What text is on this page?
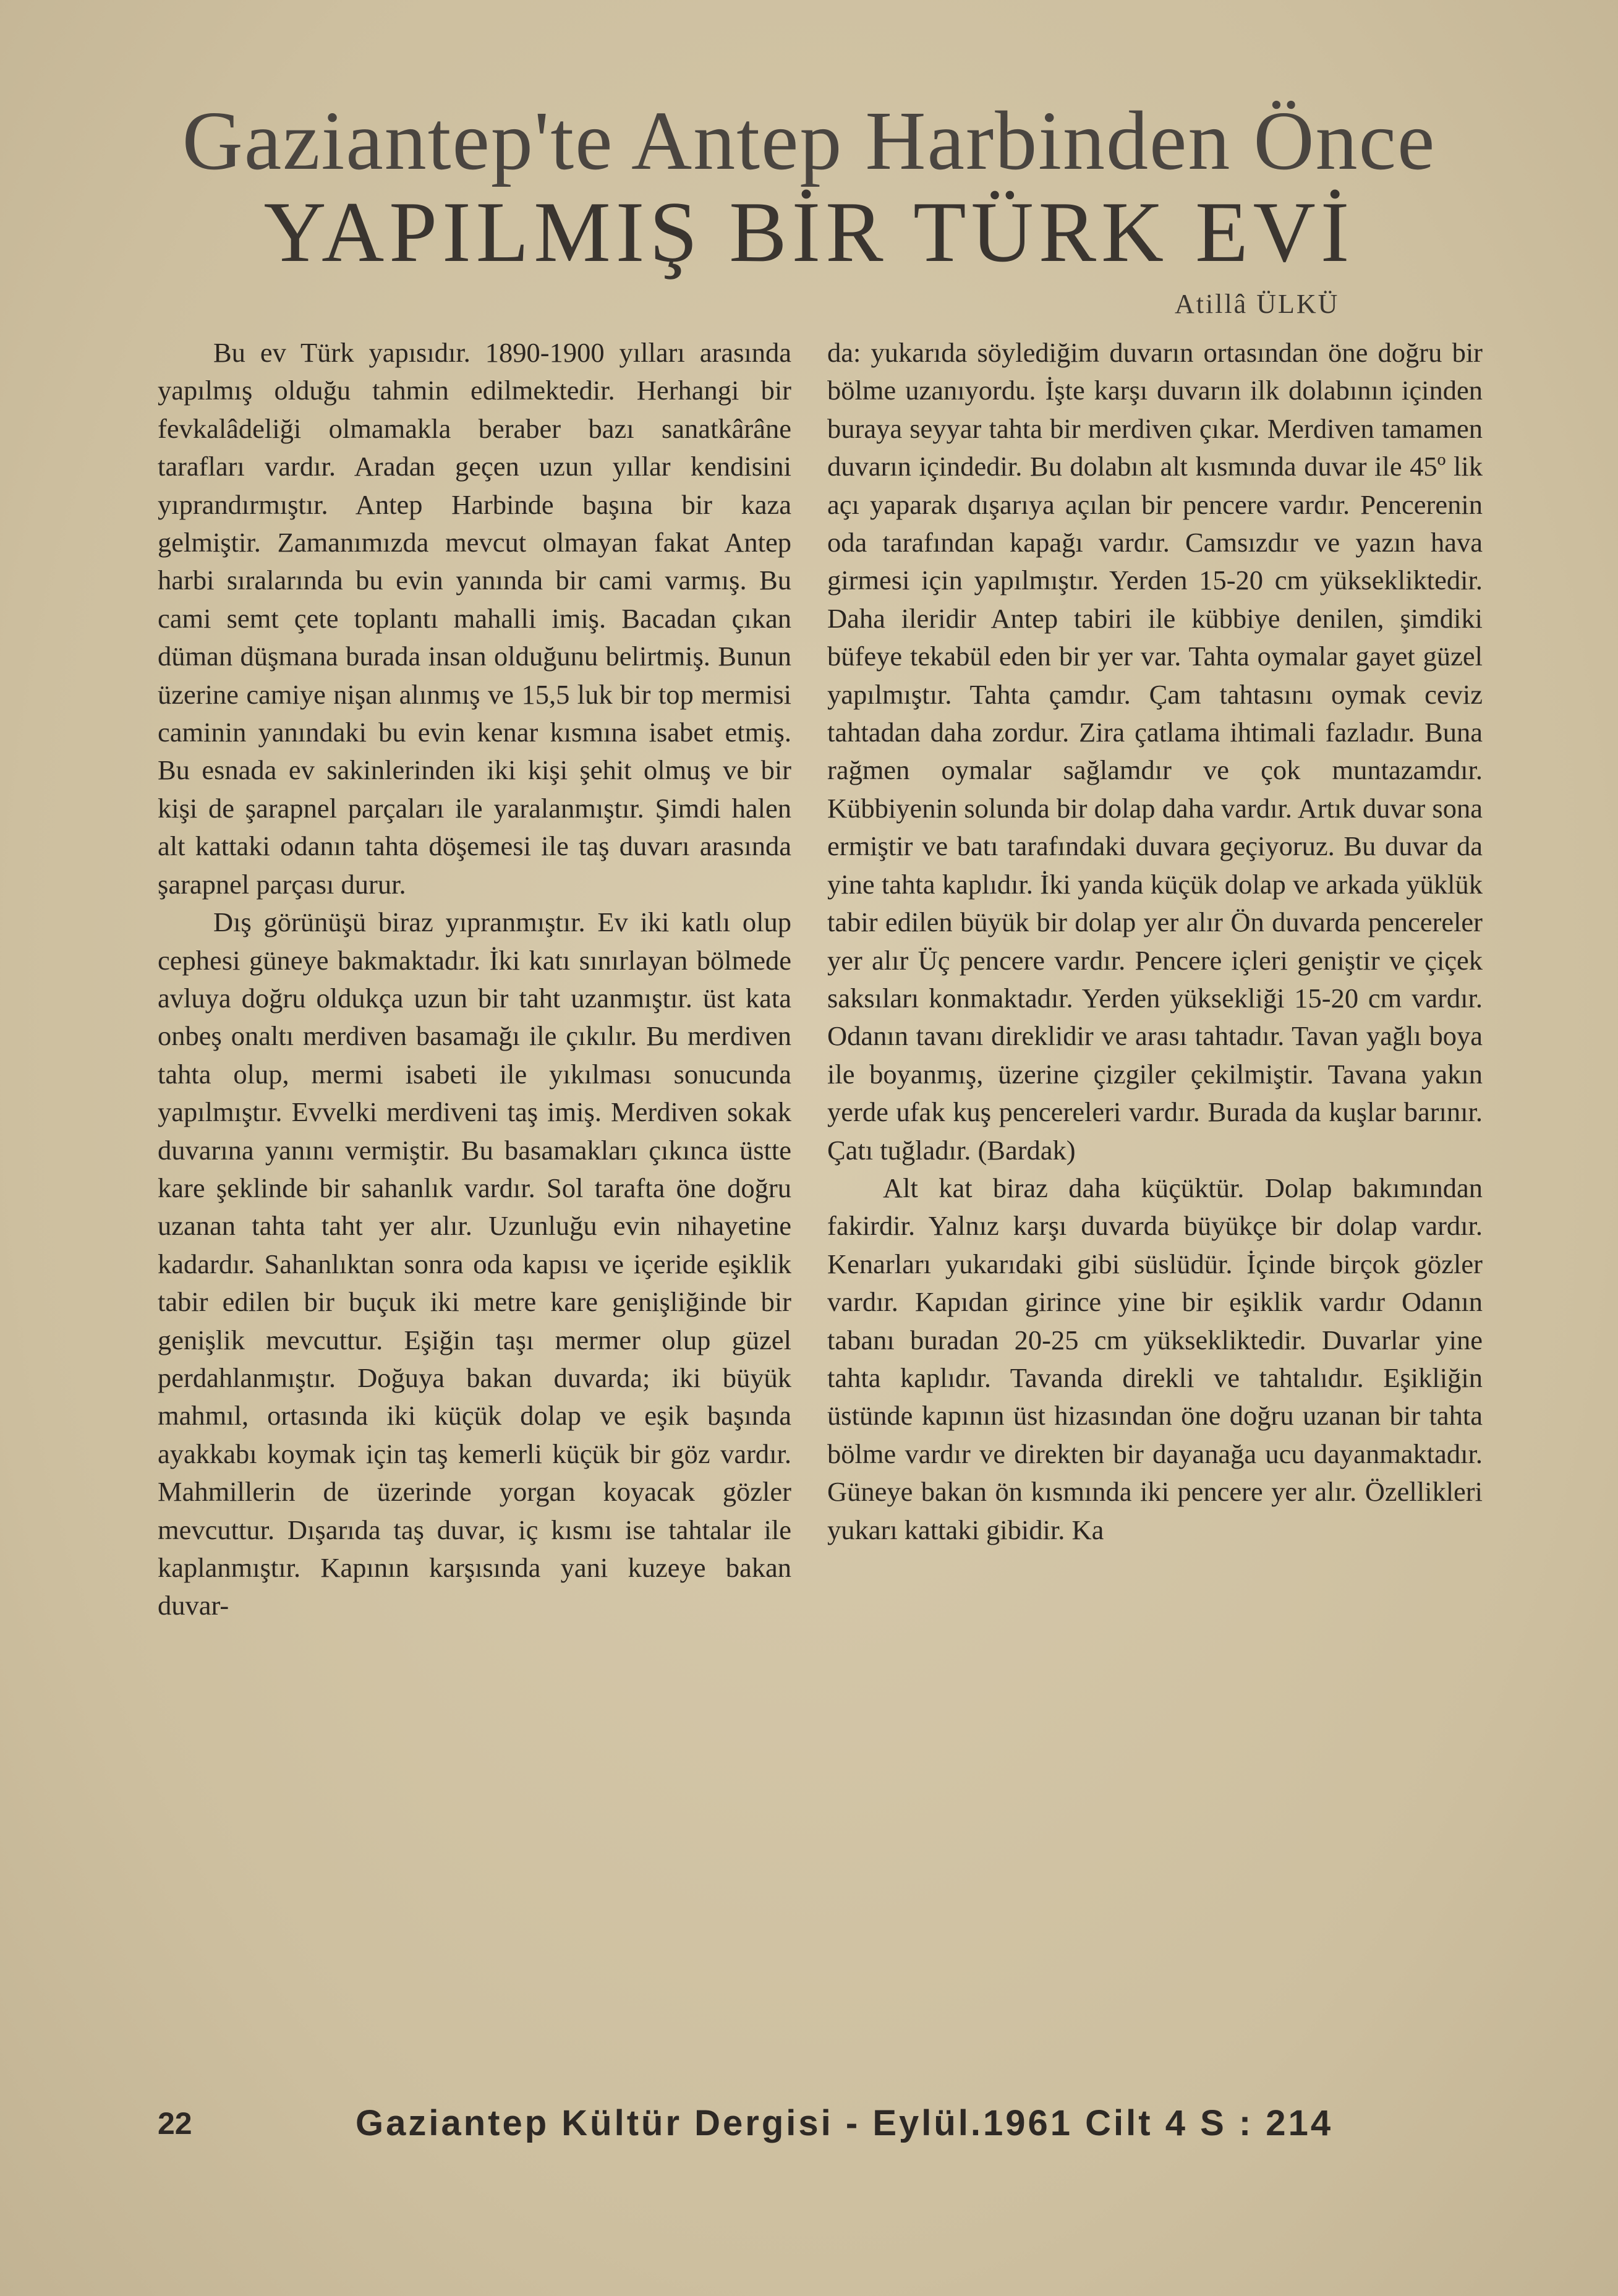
Gaziantep'te Antep Harbinden Önce
YAPILMIŞ BİR TÜRK EVİ
Atillâ ÜLKÜ

Bu ev Türk yapısıdır. 1890-1900 yılları arasında yapılmış olduğu tahmin edilmektedir. Herhangi bir fevkalâdeliği olmamakla beraber bazı sanatkârâne tarafları vardır. Aradan geçen uzun yıllar kendisini yıprandırmıştır. Antep Harbinde başına bir kaza gelmiştir. Zamanımızda mevcut olmayan fakat Antep harbi sıralarında bu evin yanında bir cami varmış. Bu cami semt çete toplantı mahalli imiş. Bacadan çıkan düman düşmana burada insan olduğunu belirtmiş. Bunun üzerine camiye nişan alınmış ve 15,5 luk bir top mermisi caminin yanındaki bu evin kenar kısmına isabet etmiş. Bu esnada ev sakinlerinden iki kişi şehit olmuş ve bir kişi de şarapnel parçaları ile yaralanmıştır. Şimdi halen alt kattaki odanın tahta döşemesi ile taş duvarı arasında şarapnel parçası durur.

Dış görünüşü biraz yıpranmıştır. Ev iki katlı olup cephesi güneye bakmaktadır. İki katı sınırlayan bölmede avluya doğru oldukça uzun bir taht uzanmıştır. üst kata onbeş onaltı merdiven basamağı ile çıkılır. Bu merdiven tahta olup, mermi isabeti ile yıkılması sonucunda yapılmıştır. Evvelki merdiveni taş imiş. Merdiven sokak duvarına yanını vermiştir. Bu basamakları çıkınca üstte kare şeklinde bir sahanlık vardır. Sol tarafta öne doğru uzanan tahta taht yer alır. Uzunluğu evin nihayetine kadardır. Sahanlıktan sonra oda kapısı ve içeride eşiklik tabir edilen bir buçuk iki metre kare genişliğinde bir genişlik mevcuttur. Eşiğin taşı mermer olup güzel perdahlanmıştır. Doğuya bakan duvarda; iki büyük mahmıl, ortasında iki küçük dolap ve eşik başında ayakkabı koymak için taş kemerli küçük bir göz vardır. Mahmillerin de üzerinde yorgan koyacak gözler mevcuttur. Dışarıda taş duvar, iç kısmı ise tahtalar ile kaplanmıştır. Kapının karşısında yani kuzeye bakan duvar-

da: yukarıda söylediğim duvarın ortasından öne doğru bir bölme uzanıyordu. İşte karşı duvarın ilk dolabının içinden buraya seyyar tahta bir merdiven çıkar. Merdiven tamamen duvarın içindedir. Bu dolabın alt kısmında duvar ile 45º lik açı yaparak dışarıya açılan bir pencere vardır. Pencerenin oda tarafından kapağı vardır. Camsızdır ve yazın hava girmesi için yapılmıştır. Yerden 15-20 cm yüksekliktedir. Daha ileridir Antep tabiri ile kübbiye denilen, şimdiki büfeye tekabül eden bir yer var. Tahta oymalar gayet güzel yapılmıştır. Tahta çamdır. Çam tahtasını oymak ceviz tahtadan daha zordur. Zira çatlama ihtimali fazladır. Buna rağmen oymalar sağlamdır ve çok muntazamdır. Kübbiyenin solunda bir dolap daha vardır. Artık duvar sona ermiştir ve batı tarafındaki duvara geçiyoruz. Bu duvar da yine tahta kaplıdır. İki yanda küçük dolap ve arkada yüklük tabir edilen büyük bir dolap yer alır Ön duvarda pencereler yer alır Üç pencere vardır. Pencere içleri geniştir ve çiçek saksıları konmaktadır. Yerden yüksekliği 15-20 cm vardır. Odanın tavanı direklidir ve arası tahtadır. Tavan yağlı boya ile boyanmış, üzerine çizgiler çekilmiştir. Tavana yakın yerde ufak kuş pencereleri vardır. Burada da kuşlar barınır. Çatı tuğladır. (Bardak)

Alt kat biraz daha küçüktür. Dolap bakımından fakirdir. Yalnız karşı duvarda büyükçe bir dolap vardır. Kenarları yukarıdaki gibi süslüdür. İçinde birçok gözler vardır. Kapıdan girince yine bir eşiklik vardır Odanın tabanı buradan 20-25 cm yüksekliktedir. Duvarlar yine tahta kaplıdır. Tavanda direkli ve tahtalıdır. Eşikliğin üstünde kapının üst hizasından öne doğru uzanan bir tahta bölme vardır ve direkten bir dayanağa ucu dayanmaktadır. Güneye bakan ön kısmında iki pencere yer alır. Özellikleri yukarı kattaki gibidir. Ka

22	Gaziantep Kültür Dergisi - Eylül.1961 Cilt 4 S : 214
